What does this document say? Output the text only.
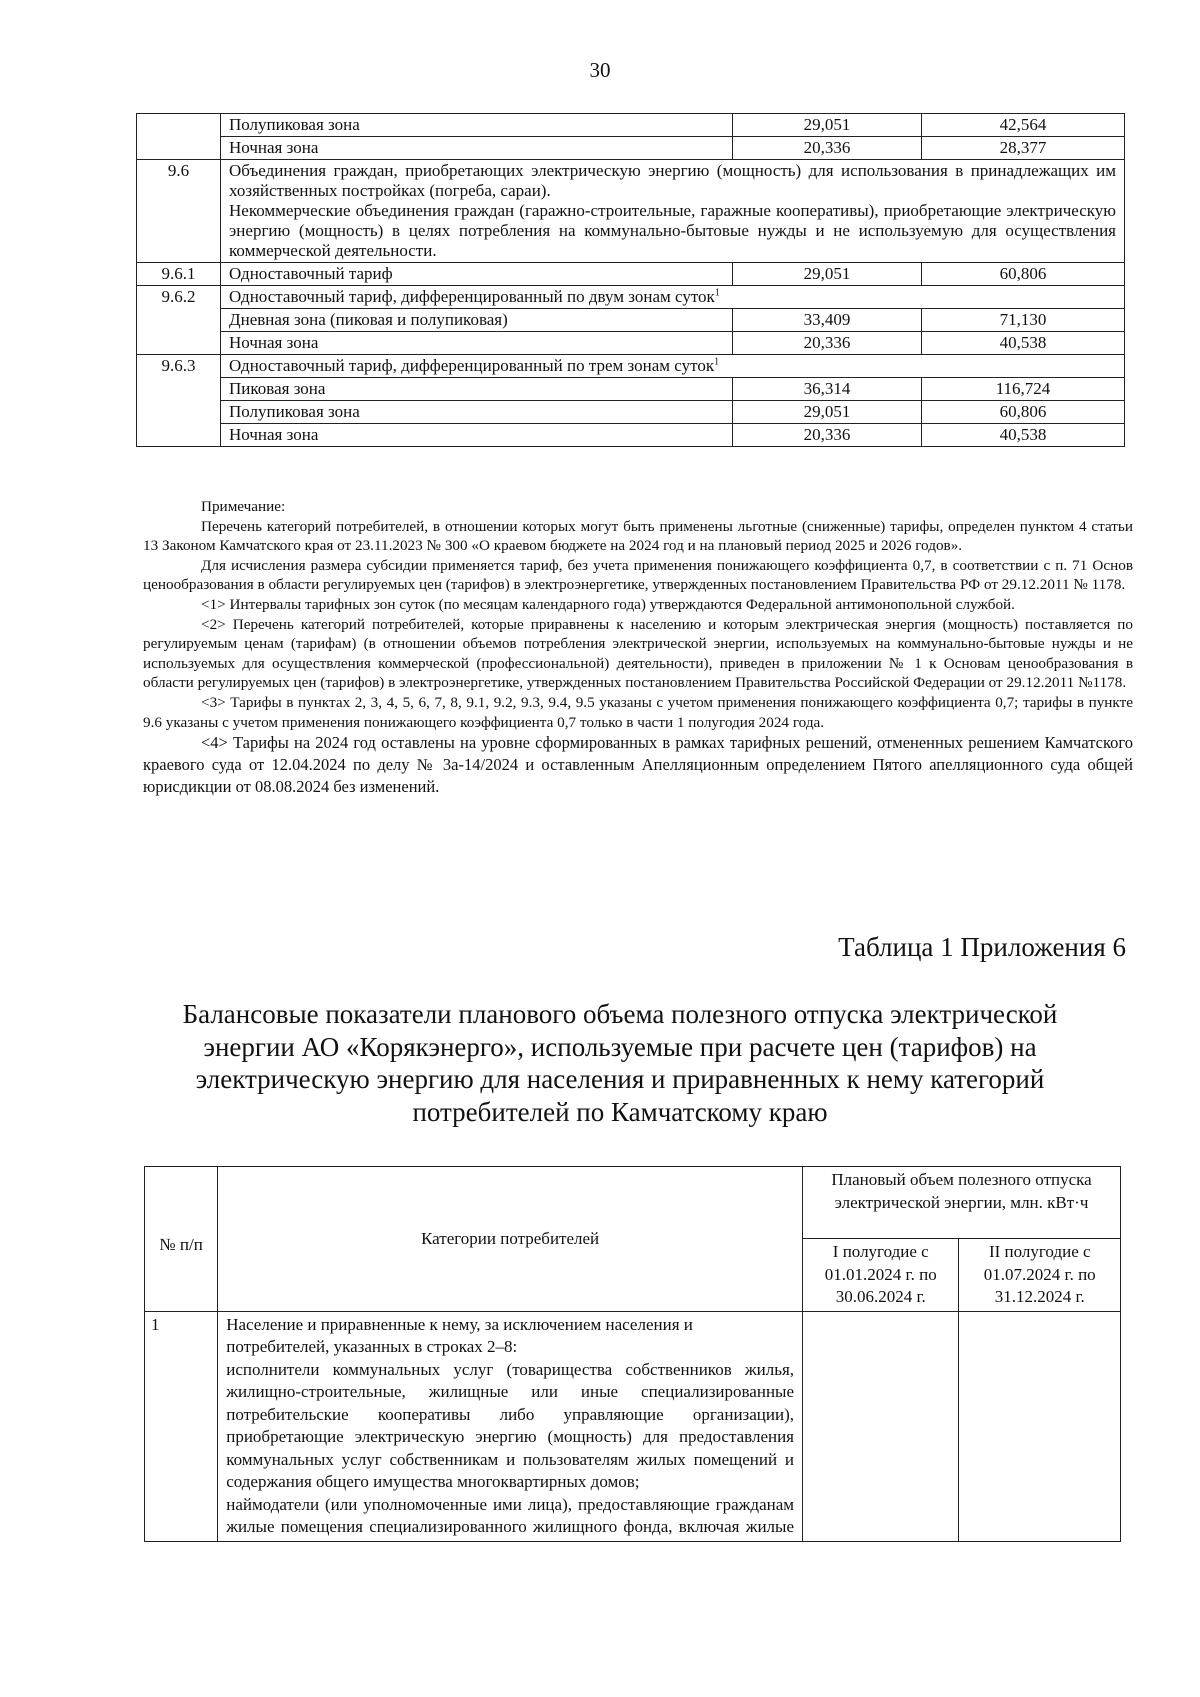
30
	Полупиковая зона	29,051	42,564
	Ночная зона	20,336	28,377
9.6	Объединения граждан, приобретающих электрическую энергию (мощность) для использования в принадлежащих им хозяйственных постройках (погреба, сараи).
Некоммерческие объединения граждан (гаражно-строительные, гаражные кооперативы), приобретающие электрическую энергию (мощность) в целях потребления на коммунально-бытовые нужды и не используемую для осуществления коммерческой деятельности.		

9.6.1	Одноставочный тариф	29,051	60,806
9.6.2	Одноставочный тариф, дифференцированный по двум зонам суток$^1$
	Дневная зона (пиковая и полупиковая)	33,409	71,130
	Ночная зона	20,336	40,538
9.6.3	Одноставочный тариф, дифференцированный по трем зонам суток$^1$
	Пиковая зона	36,314	116,724
	Полупиковая зона	29,051	60,806
	Ночная зона	20,336	40,538

Примечание:

Перечень категорий потребителей, в отношении которых могут быть применены льготные (сниженные) тарифы, определен пунктом 4 статьи 13 Законом Камчатского края от 23.11.2023 № 300 «О краевом бюджете на 2024 год и на плановый период 2025 и 2026 годов».

Для исчисления размера субсидии применяется тариф, без учета применения понижающего коэффициента 0,7, в соответствии с п. 71 Основ ценообразования в области регулируемых цен (тарифов) в электроэнергетике, утвержденных постановлением Правительства РФ от 29.12.2011 № 1178.

<1> Интервалы тарифных зон суток (по месяцам календарного года) утверждаются Федеральной антимонопольной службой.

<2> Перечень категорий потребителей, которые приравнены к населению и которым электрическая энергия (мощность) поставляется по регулируемым ценам (тарифам) (в отношении объемов потребления электрической энергии, используемых на коммунально-бытовые нужды и не используемых для осуществления коммерческой (профессиональной) деятельности), приведен в приложении № 1 к Основам ценообразования в области регулируемых цен (тарифов) в электроэнергетике, утвержденных постановлением Правительства Российской Федерации от 29.12.2011 №1178.

<3> Тарифы в пунктах 2, 3, 4, 5, 6, 7, 8, 9.1, 9.2, 9.3, 9.4, 9.5 указаны с учетом применения понижающего коэффициента 0,7; тарифы в пункте 9.6 указаны с учетом применения понижающего коэффициента 0,7 только в части 1 полугодия 2024 года.

<4> Тарифы на 2024 год оставлены на уровне сформированных в рамках тарифных решений, отмененных решением Камчатского краевого суда от 12.04.2024 по делу № 3а-14/2024 и оставленным Апелляционным определением Пятого апелляционного суда общей юрисдикции от 08.08.2024 без изменений.

Таблица 1 Приложения 6
Балансовые показатели планового объема полезного отпуска электрической энергии АО «Корякэнерго», используемые при расчете цен (тарифов) на электрическую энергию для населения и приравненных к нему категорий потребителей по Камчатскому краю
№ п/п	Категории потребителей	Плановый объем полезного отпуска электрической энергии, млн. кВт·ч	
		I полугодие с 01.01.2024 г. по 30.06.2024 г.	II полугодие с 01.07.2024 г. по 31.12.2024 г.
1	Население и приравненные к нему, за исключением населения и потребителей, указанных в строках 2–8:
исполнители коммунальных услуг (товарищества собственников жилья, жилищно-строительные, жилищные или иные специализированные потребительские кооперативы либо управляющие организации), приобретающие электрическую энергию (мощность) для предоставления коммунальных услуг собственникам и пользователям жилых помещений и содержания общего имущества многоквартирных домов;
наймодатели (или уполномоченные ими лица), предоставляющие гражданам жилые помещения специализированного жилищного фонда, включая жилые		
